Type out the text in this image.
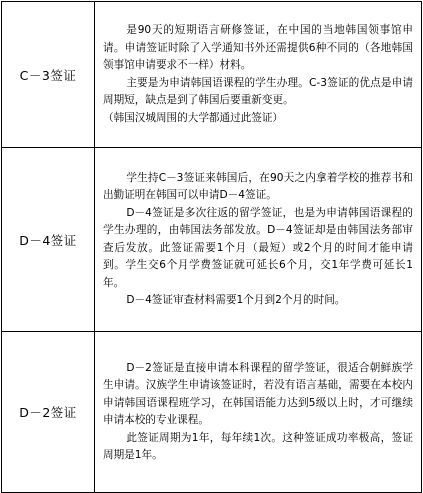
C－3签证	是90天的短期语言研修签证，在中国的当地韩国领事馆申请。申请签证时除了入学通知书外还需提供6种不同的（各地韩国领事馆申请要求不一样）材料。

主要是为申请韩国语课程的学生办理。C-3签证的优点是申请周期短，缺点是到了韩国后要重新变更。

（韩国汉城周围的大学都通过此签证）

D－4签证	学生持C－3签证来韩国后，在90天之内拿着学校的推荐书和出勤证明在韩国可以申请D－4签证。

D－4签证是多次往返的留学签证，也是为申请韩国语课程的学生办理的，由韩国法务部发放。D－4签证却是由韩国法务部审查后发放。此签证需要1个月（最短）或2个月的时间才能申请到。学生交6个月学费签证就可延长6个月，交1年学费可延长1年。

D－4签证审查材料需要1个月到2个月的时间。

D－2签证	D－2签证是直接申请本科课程的留学签证，很适合朝鲜族学生申请。汉族学生申请该签证时，若没有语言基础，需要在本校内申请韩国语课程班学习，在韩国语能力达到5级以上时，才可继续申请本校的专业课程。

此签证周期为1年，每年续1次。这种签证成功率极高，签证周期是1年。
